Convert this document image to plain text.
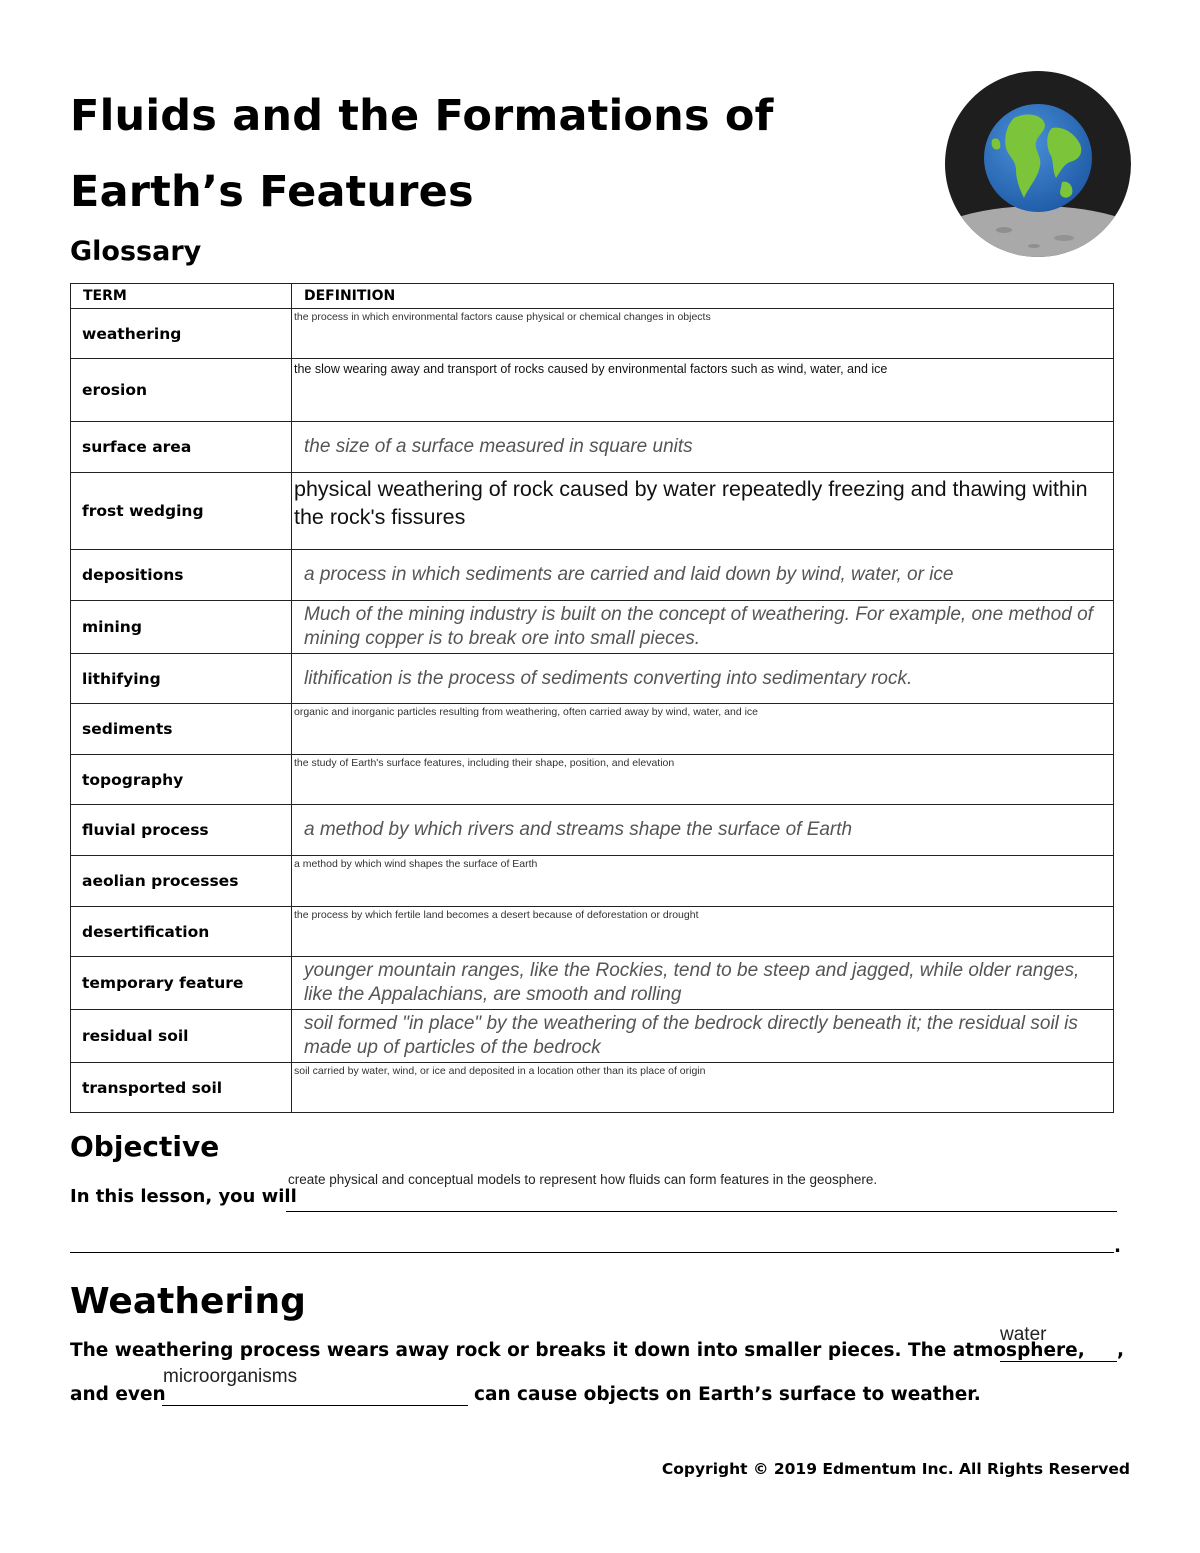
Fluids and the Formations of Earth’s Features
Glossary
TERM	DEFINITION
weathering	the process in which environmental factors cause physical or chemical changes in objects

erosion	the slow wearing away and transport of rocks caused by environmental factors such as wind, water, and ice

surface area	the size of a surface measured in square units

frost wedging	physical weathering of rock caused by water repeatedly freezing and thawing within the rock's fissures

depositions	a process in which sediments are carried and laid down by wind, water, or ice

mining	Much of the mining industry is built on the concept of weathering. For example, one method of mining copper is to break ore into small pieces.

lithifying	lithification is the process of sediments converting into sedimentary rock.

sediments	organic and inorganic particles resulting from weathering, often carried away by wind, water, and ice

topography	the study of Earth's surface features, including their shape, position, and elevation

fluvial process	a method by which rivers and streams shape the surface of Earth

aeolian processes	a method by which wind shapes the surface of Earth

desertification	the process by which fertile land becomes a desert because of deforestation or drought

temporary feature	younger mountain ranges, like the Rockies, tend to be steep and jagged, while older ranges, like the Appalachians, are smooth and rolling

residual soil	soil formed "in place" by the weathering of the bedrock directly beneath it; the residual soil is made up of particles of the bedrock

transported soil	soil carried by water, wind, or ice and deposited in a location other than its place of origin
Objective
In this lesson, you will
create physical and conceptual models to represent how fluids can form features in the geosphere.
.
Weathering
The weathering process wears away rock or breaks it down into smaller pieces. The atmosphere,
water
,
and even
microorganisms
can cause objects on Earth’s surface to weather.
Copyright © 2019 Edmentum Inc. All Rights Reserved
